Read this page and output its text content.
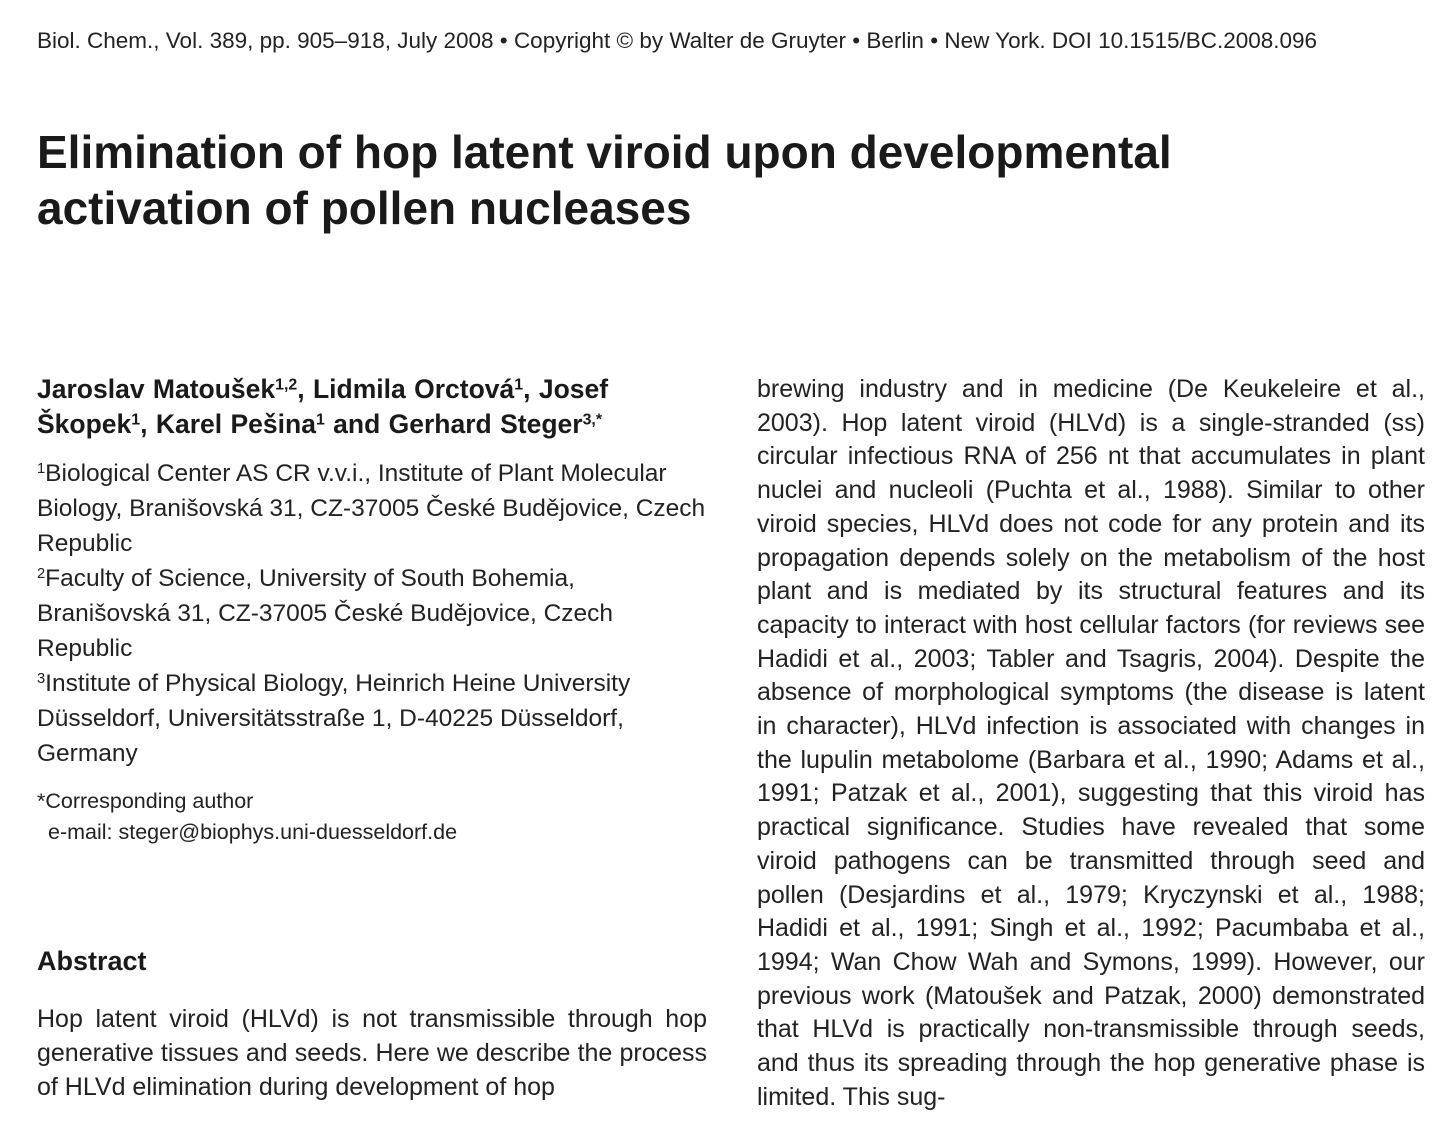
Biol. Chem., Vol. 389, pp. 905–918, July 2008 • Copyright © by Walter de Gruyter • Berlin • New York. DOI 10.1515/BC.2008.096
Elimination of hop latent viroid upon developmental activation of pollen nucleases

Jaroslav Matoušek$^{1,2}$, Lidmila Orctová$^1$, Josef Škopek$^1$, Karel Pešina$^1$ and Gerhard Steger$^{3,*}$

$^1$Biological Center AS CR v.v.i., Institute of Plant Molecular Biology, Branišovská 31, CZ-37005 České Budějovice, Czech Republic

$^2$Faculty of Science, University of South Bohemia, Branišovská 31, CZ-37005 České Budějovice, Czech Republic

$^3$Institute of Physical Biology, Heinrich Heine University Düsseldorf, Universitätsstraße 1, D-40225 Düsseldorf, Germany

*Corresponding author
e-mail: steger@biophys.uni-duesseldorf.de
Abstract

Hop latent viroid (HLVd) is not transmissible through hop generative tissues and seeds. Here we describe the process of HLVd elimination during development of hop

brewing industry and in medicine (De Keukeleire et al., 2003). Hop latent viroid (HLVd) is a single-stranded (ss) circular infectious RNA of 256 nt that accumulates in plant nuclei and nucleoli (Puchta et al., 1988). Similar to other viroid species, HLVd does not code for any protein and its propagation depends solely on the metabolism of the host plant and is mediated by its structural features and its capacity to interact with host cellular factors (for reviews see Hadidi et al., 2003; Tabler and Tsagris, 2004). Despite the absence of morphological symptoms (the disease is latent in character), HLVd infection is associated with changes in the lupulin metabolome (Barbara et al., 1990; Adams et al., 1991; Patzak et al., 2001), suggesting that this viroid has practical significance. Studies have revealed that some viroid pathogens can be transmitted through seed and pollen (Desjardins et al., 1979; Kryczynski et al., 1988; Hadidi et al., 1991; Singh et al., 1992; Pacumbaba et al., 1994; Wan Chow Wah and Symons, 1999). However, our previous work (Matoušek and Patzak, 2000) demonstrated that HLVd is practically non-transmissible through seeds, and thus its spreading through the hop generative phase is limited. This sug-
